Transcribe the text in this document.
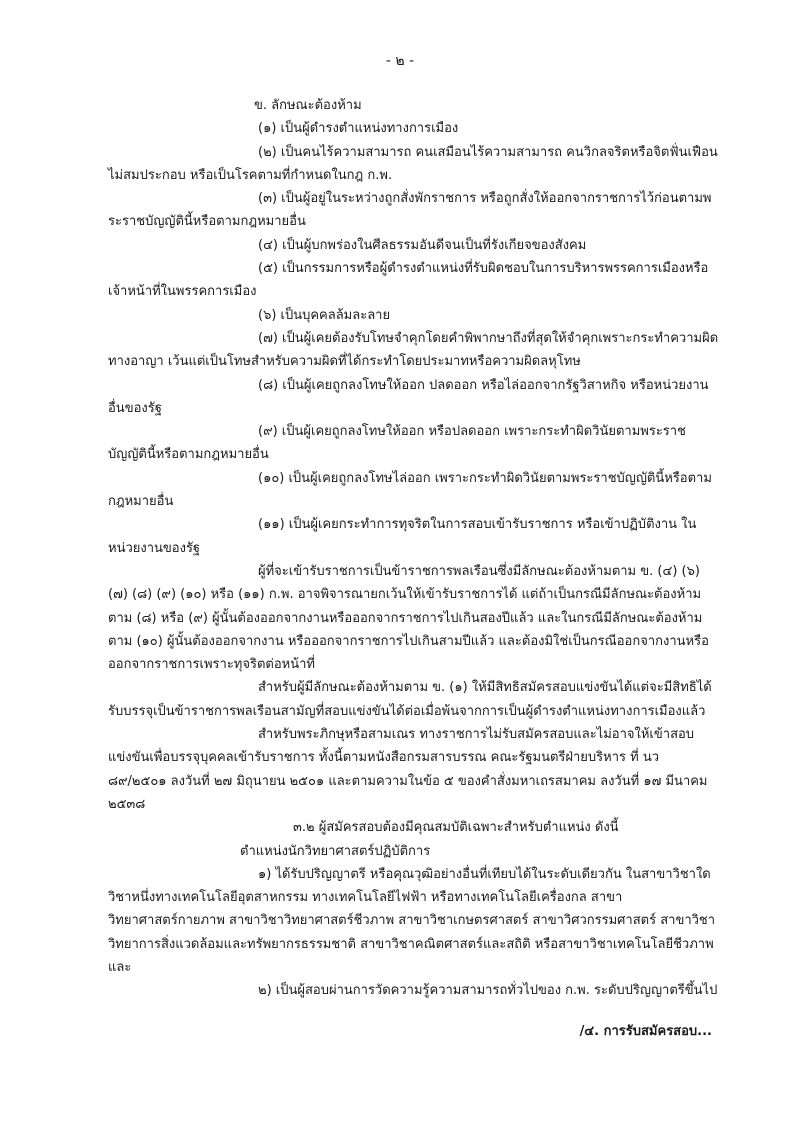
- ๒ -

ข. ลักษณะต้องห้าม

(๑) เป็นผู้ดำรงตำแหน่งทางการเมือง

(๒) เป็นคนไร้ความสามารถ คนเสมือนไร้ความสามารถ คนวิกลจริตหรือจิตฟั่นเฟือนไม่สมประกอบ หรือเป็นโรคตามที่กำหนดในกฎ ก.พ.

(๓) เป็นผู้อยู่ในระหว่างถูกสั่งพักราชการ หรือถูกสั่งให้ออกจากราชการไว้ก่อนตามพระราชบัญญัตินี้หรือตามกฎหมายอื่น

(๔) เป็นผู้บกพร่องในศีลธรรมอันดีจนเป็นที่รังเกียจของสังคม

(๕) เป็นกรรมการหรือผู้ดำรงตำแหน่งที่รับผิดชอบในการบริหารพรรคการเมืองหรือเจ้าหน้าที่ในพรรคการเมือง

(๖) เป็นบุคคลล้มละลาย

(๗) เป็นผู้เคยต้องรับโทษจำคุกโดยคำพิพากษาถึงที่สุดให้จำคุกเพราะกระทำความผิดทางอาญา เว้นแต่เป็นโทษสำหรับความผิดที่ได้กระทำโดยประมาทหรือความผิดลหุโทษ

(๘) เป็นผู้เคยถูกลงโทษให้ออก ปลดออก หรือไล่ออกจากรัฐวิสาหกิจ หรือหน่วยงานอื่นของรัฐ

(๙) เป็นผู้เคยถูกลงโทษให้ออก หรือปลดออก เพราะกระทำผิดวินัยตามพระราชบัญญัตินี้หรือตามกฎหมายอื่น

(๑๐) เป็นผู้เคยถูกลงโทษไล่ออก เพราะกระทำผิดวินัยตามพระราชบัญญัตินี้หรือตามกฎหมายอื่น

(๑๑) เป็นผู้เคยกระทำการทุจริตในการสอบเข้ารับราชการ หรือเข้าปฏิบัติงาน ในหน่วยงานของรัฐ

ผู้ที่จะเข้ารับราชการเป็นข้าราชการพลเรือนซึ่งมีลักษณะต้องห้ามตาม ข. (๔) (๖) (๗) (๘) (๙) (๑๐) หรือ (๑๑) ก.พ. อาจพิจารณายกเว้นให้เข้ารับราชการได้ แต่ถ้าเป็นกรณีมีลักษณะต้องห้ามตาม (๘) หรือ (๙) ผู้นั้นต้องออกจากงานหรือออกจากราชการไปเกินสองปีแล้ว และในกรณีมีลักษณะต้องห้ามตาม (๑๐) ผู้นั้นต้องออกจากงาน หรือออกจากราชการไปเกินสามปีแล้ว และต้องมิใช่เป็นกรณีออกจากงานหรือออกจากราชการเพราะทุจริตต่อหน้าที่

สำหรับผู้มีลักษณะต้องห้ามตาม ข. (๑) ให้มีสิทธิสมัครสอบแข่งขันได้แต่จะมีสิทธิได้รับบรรจุเป็นข้าราชการพลเรือนสามัญที่สอบแข่งขันได้ต่อเมื่อพ้นจากการเป็นผู้ดำรงตำแหน่งทางการเมืองแล้ว

สำหรับพระภิกษุหรือสามเณร ทางราชการไม่รับสมัครสอบและไม่อาจให้เข้าสอบแข่งขันเพื่อบรรจุบุคคลเข้ารับราชการ ทั้งนี้ตามหนังสือกรมสารบรรณ คณะรัฐมนตรีฝ่ายบริหาร ที่ นว ๘๙/๒๕๐๑ ลงวันที่ ๒๗ มิถุนายน ๒๕๐๑ และตามความในข้อ ๕ ของคำสั่งมหาเถรสมาคม ลงวันที่ ๑๗ มีนาคม ๒๕๓๘

๓.๒ ผู้สมัครสอบต้องมีคุณสมบัติเฉพาะสำหรับตำแหน่ง ดังนี้

ตำแหน่งนักวิทยาศาสตร์ปฏิบัติการ

๑) ได้รับปริญญาตรี หรือคุณวุฒิอย่างอื่นที่เทียบได้ในระดับเดียวกัน ในสาขาวิชาใดวิชาหนึ่งทางเทคโนโลยีอุตสาหกรรม ทางเทคโนโลยีไฟฟ้า หรือทางเทคโนโลยีเครื่องกล สาขาวิทยาศาสตร์กายภาพ สาขาวิชาวิทยาศาสตร์ชีวภาพ สาขาวิชาเกษตรศาสตร์ สาขาวิศวกรรมศาสตร์ สาขาวิชาวิทยาการสิ่งแวดล้อมและทรัพยากรธรรมชาติ สาขาวิชาคณิตศาสตร์และสถิติ หรือสาขาวิชาเทคโนโลยีชีวภาพ และ

๒) เป็นผู้สอบผ่านการวัดความรู้ความสามารถทั่วไปของ ก.พ. ระดับปริญญาตรีขึ้นไป

/๔. การรับสมัครสอบ...
